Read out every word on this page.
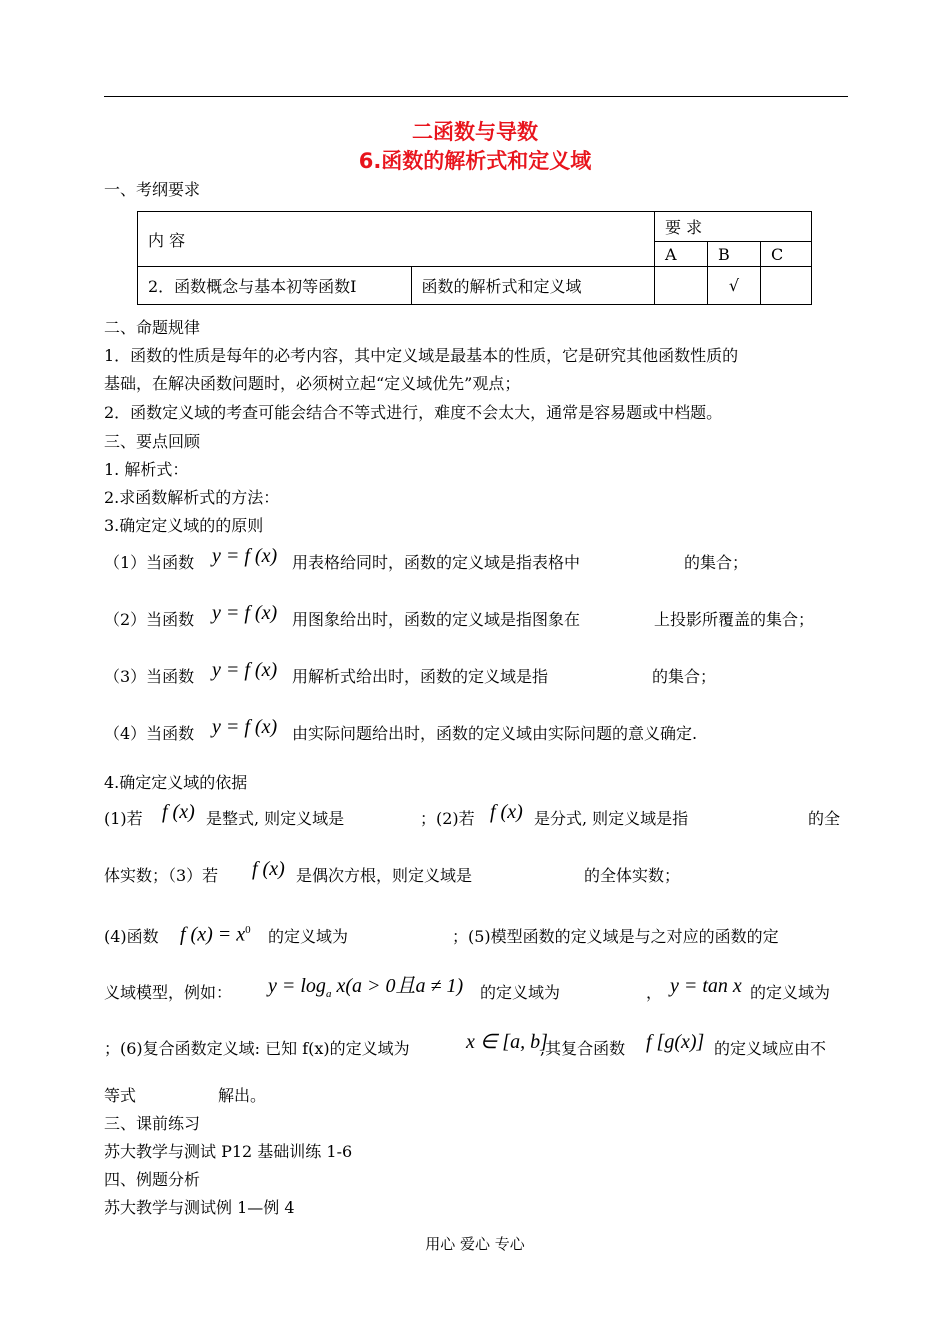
二函数与导数
6.函数的解析式和定义域
一、考纲要求
内 容		要 求		
		A	B	C
2．函数概念与基本初等函数Ⅰ	函数的解析式和定义域		√	
二、命题规律
1．函数的性质是每年的必考内容，其中定义域是最基本的性质，它是研究其他函数性质的
基础，在解决函数问题时，必须树立起“定义域优先”观点；
2．函数定义域的考查可能会结合不等式进行，难度不会太大，通常是容易题或中档题。
三、要点回顾
1. 解析式：
2.求函数解析式的方法：
3.确定定义域的的原则
（1）当函数 y = f (x) 用表格给同时，函数的定义域是指表格中	的集合；
（2）当函数 y = f (x) 用图象给出时，函数的定义域是指图象在	上投影所覆盖的集合；
（3）当函数 y = f (x) 用解析式给出时，函数的定义域是指	的集合；
（4）当函数 y = f (x) 由实际问题给出时，函数的定义域由实际问题的意义确定.
4.确定定义域的依据
(1)若 f (x) 是整式, 则定义域是	；(2)若 f (x) 是分式, 则定义域是指	的全
体实数；（3）若 f (x) 是偶次方根，则定义域是	的全体实数；
(4)函数 f $(x) = x^0$ 的定义域为	；(5)模型函数的定义域是与之对应的函数的定
义域模型，例如： $y = \log_a x(a > 0$且a ≠ 1) 的定义域为	， y = tan x 的定义域为
；(6)复合函数定义域: 已知 f(x)的定义域为	x ∈ [a, b]
,其复合函数 f [g(x)] 的定义域应由不
等式	解出。
三、课前练习
苏大教学与测试 P12 基础训练 1-6
四、例题分析
苏大教学与测试例 1—例 4
用心 爱心 专心
